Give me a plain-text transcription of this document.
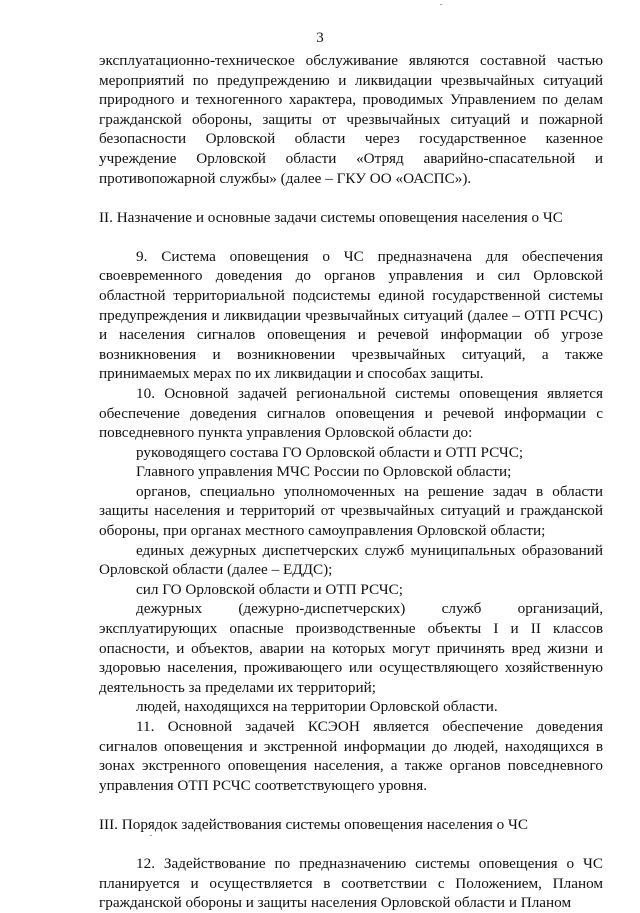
3

эксплуатационно-техническое обслуживание являются составной частью мероприятий по предупреждению и ликвидации чрезвычайных ситуаций природного и техногенного характера, проводимых Управлением по делам гражданской обороны, защиты от чрезвычайных ситуаций и пожарной безопасности Орловской области через государственное казенное учреждение Орловской области «Отряд аварийно-спасательной и противопожарной службы» (далее – ГКУ ОО «ОАСПС»).

II. Назначение и основные задачи системы оповещения населения о ЧС

9. Система оповещения о ЧС предназначена для обеспечения своевременного доведения до органов управления и сил Орловской областной территориальной подсистемы единой государственной системы предупреждения и ликвидации чрезвычайных ситуаций (далее – ОТП РСЧС) и населения сигналов оповещения и речевой информации об угрозе возникновения и возникновении чрезвычайных ситуаций, а также принимаемых мерах по их ликвидации и способах защиты.

10. Основной задачей региональной системы оповещения является обеспечение доведения сигналов оповещения и речевой информации с повседневного пункта управления Орловской области до:

руководящего состава ГО Орловской области и ОТП РСЧС;

Главного управления МЧС России по Орловской области;

органов, специально уполномоченных на решение задач в области защиты населения и территорий от чрезвычайных ситуаций и гражданской обороны, при органах местного самоуправления Орловской области;

единых дежурных диспетчерских служб муниципальных образований Орловской области (далее – ЕДДС);

сил ГО Орловской области и ОТП РСЧС;

дежурных (дежурно-диспетчерских) служб организаций, эксплуатирующих опасные производственные объекты I и II классов опасности, и объектов, аварии на которых могут причинять вред жизни и здоровью населения, проживающего или осуществляющего хозяйственную деятельность за пределами их территорий;

людей, находящихся на территории Орловской области.

11. Основной задачей КСЭОН является обеспечение доведения сигналов оповещения и экстренной информации до людей, находящихся в зонах экстренного оповещения населения, а также органов повседневного управления ОТП РСЧС соответствующего уровня.

III. Порядок задействования системы оповещения населения о ЧС

12. Задействование по предназначению системы оповещения о ЧС планируется и осуществляется в соответствии с Положением, Планом гражданской обороны и защиты населения Орловской области и Планом
